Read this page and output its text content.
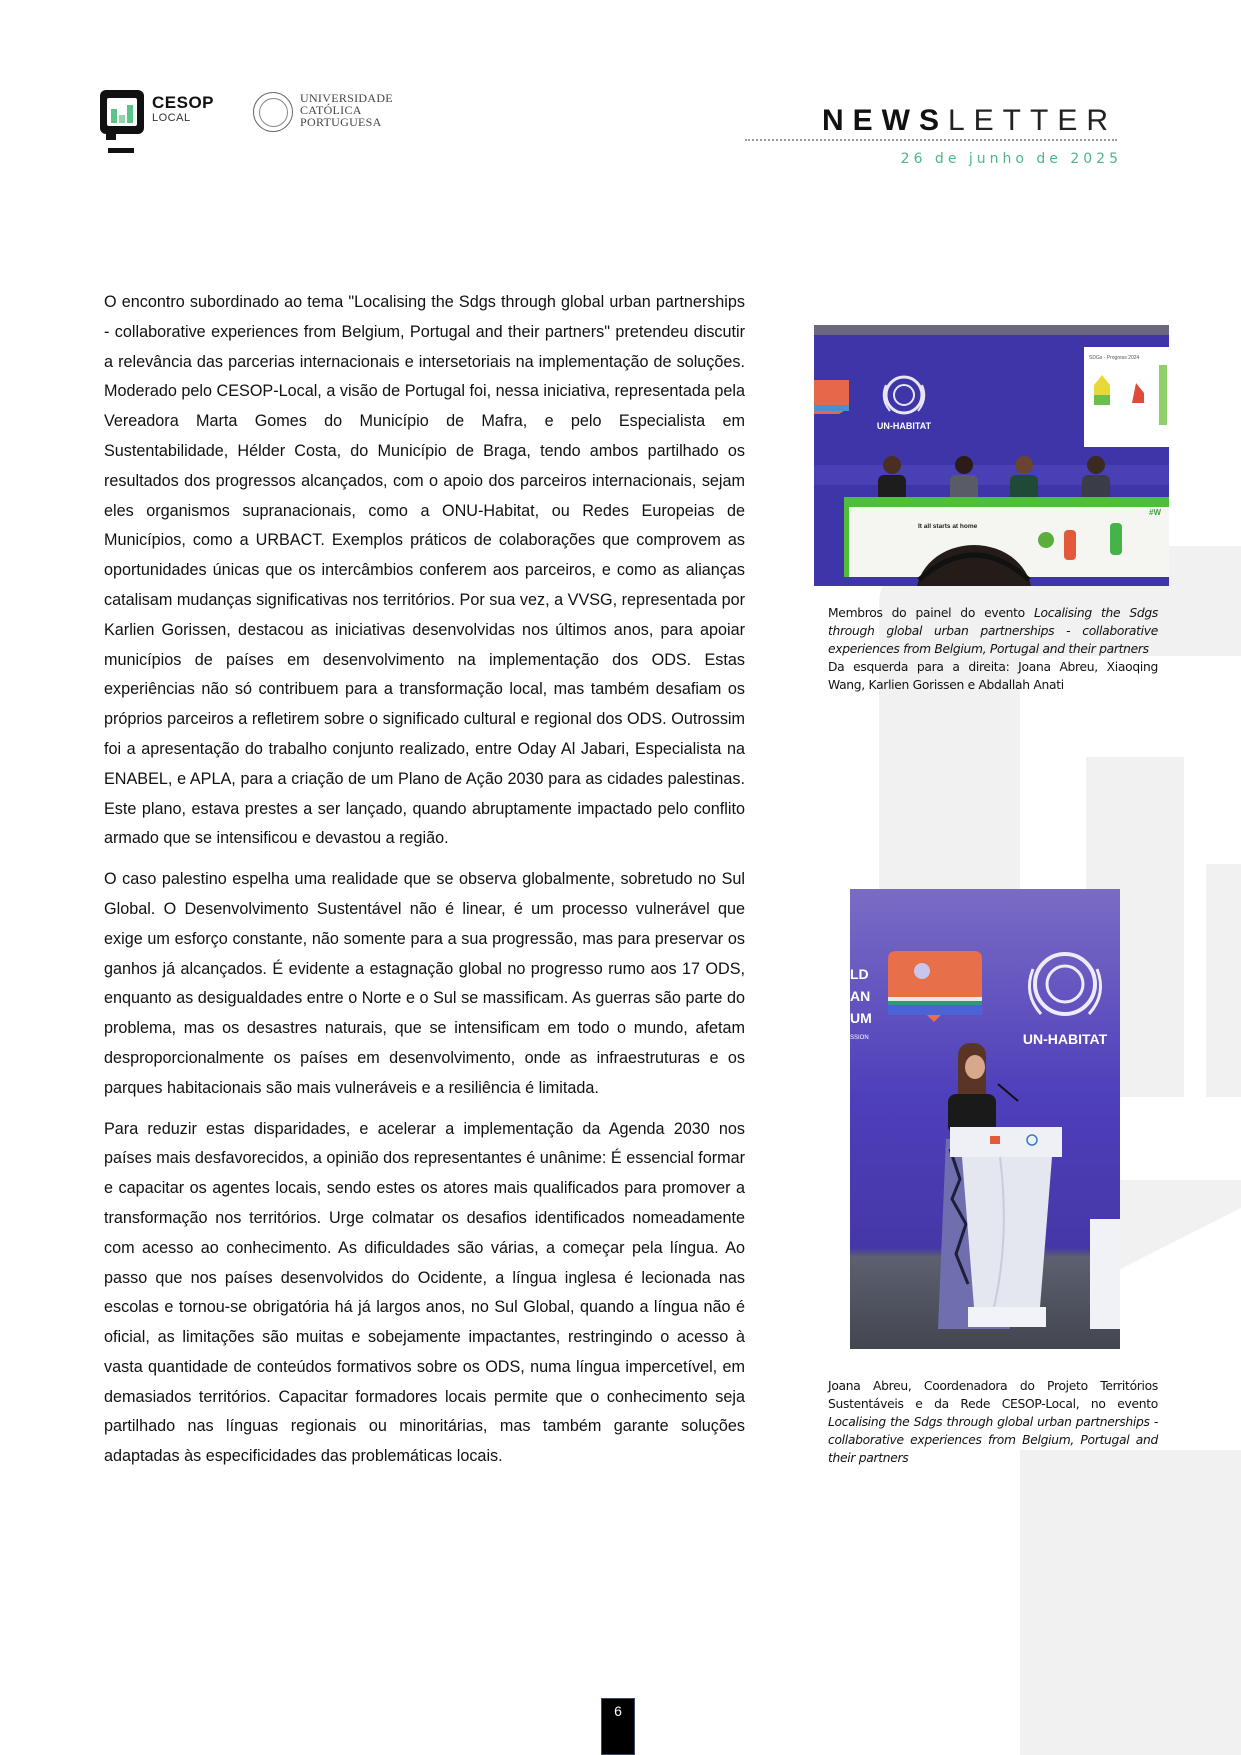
CESOP
LOCAL
UNIVERSIDADE
CATÓLICA
PORTUGUESA	NEWSLETTER
26 de junho de 2025

O encontro subordinado ao tema "Localising the Sdgs through global urban partnerships - collaborative experiences from Belgium, Portugal and their partners" pretendeu discutir a relevância das parcerias internacionais e intersetoriais na implementação de soluções. Moderado pelo CESOP-Local, a visão de Portugal foi, nessa iniciativa, representada pela Vereadora Marta Gomes do Município de Mafra, e pelo Especialista em Sustentabilidade, Hélder Costa, do Município de Braga, tendo ambos partilhado os resultados dos progressos alcançados, com o apoio dos parceiros internacionais, sejam eles organismos supranacionais, como a ONU-Habitat, ou Redes Europeias de Municípios, como a URBACT. Exemplos práticos de colaborações que comprovem as oportunidades únicas que os intercâmbios conferem aos parceiros, e como as alianças catalisam mudanças significativas nos territórios. Por sua vez, a VVSG, representada por Karlien Gorissen, destacou as iniciativas desenvolvidas nos últimos anos, para apoiar municípios de países em desenvolvimento na implementação dos ODS. Estas experiências não só contribuem para a transformação local, mas também desafiam os próprios parceiros a refletirem sobre o significado cultural e regional dos ODS. Outrossim foi a apresentação do trabalho conjunto realizado, entre Oday Al Jabari, Especialista na ENABEL, e APLA, para a criação de um Plano de Ação 2030 para as cidades palestinas. Este plano, estava prestes a ser lançado, quando abruptamente impactado pelo conflito armado que se intensificou e devastou a região.

O caso palestino espelha uma realidade que se observa globalmente, sobretudo no Sul Global. O Desenvolvimento Sustentável não é linear, é um processo vulnerável que exige um esforço constante, não somente para a sua progressão, mas para preservar os ganhos já alcançados. É evidente a estagnação global no progresso rumo aos 17 ODS, enquanto as desigualdades entre o Norte e o Sul se massificam. As guerras são parte do problema, mas os desastres naturais, que se intensificam em todo o mundo, afetam desproporcionalmente os países em desenvolvimento, onde as infraestruturas e os parques habitacionais são mais vulneráveis e a resiliência é limitada.

Para reduzir estas disparidades, e acelerar a implementação da Agenda 2030 nos países mais desfavorecidos, a opinião dos representantes é unânime: É essencial formar e capacitar os agentes locais, sendo estes os atores mais qualificados para promover a transformação nos territórios. Urge colmatar os desafios identificados nomeadamente com acesso ao conhecimento. As dificuldades são várias, a começar pela língua. Ao passo que nos países desenvolvidos do Ocidente, a língua inglesa é lecionada nas escolas e tornou-se obrigatória há já largos anos, no Sul Global, quando a língua não é oficial, as limitações são muitas e sobejamente impactantes, restringindo o acesso à vasta quantidade de conteúdos formativos sobre os ODS, numa língua impercetível, em demasiados territórios. Capacitar formadores locais permite que o conhecimento seja partilhado nas línguas regionais ou minoritárias, mas também garante soluções adaptadas às especificidades das problemáticas locais.

UN-HABITAT
SDGs - Progress 2024
It all starts at home
#W
Membros do painel do evento Localising the Sdgs through global urban partnerships - collaborative experiences from Belgium, Portugal and their partners
Da esquerda para a direita: Joana Abreu, Xiaoqing Wang, Karlien Gorissen e Abdallah Anati
LD
AN
UM
SSION	UN-HABITAT
Joana Abreu, Coordenadora do Projeto Territórios Sustentáveis e da Rede CESOP-Local, no evento Localising the Sdgs through global urban partnerships - collaborative experiences from Belgium, Portugal and their partners
6
